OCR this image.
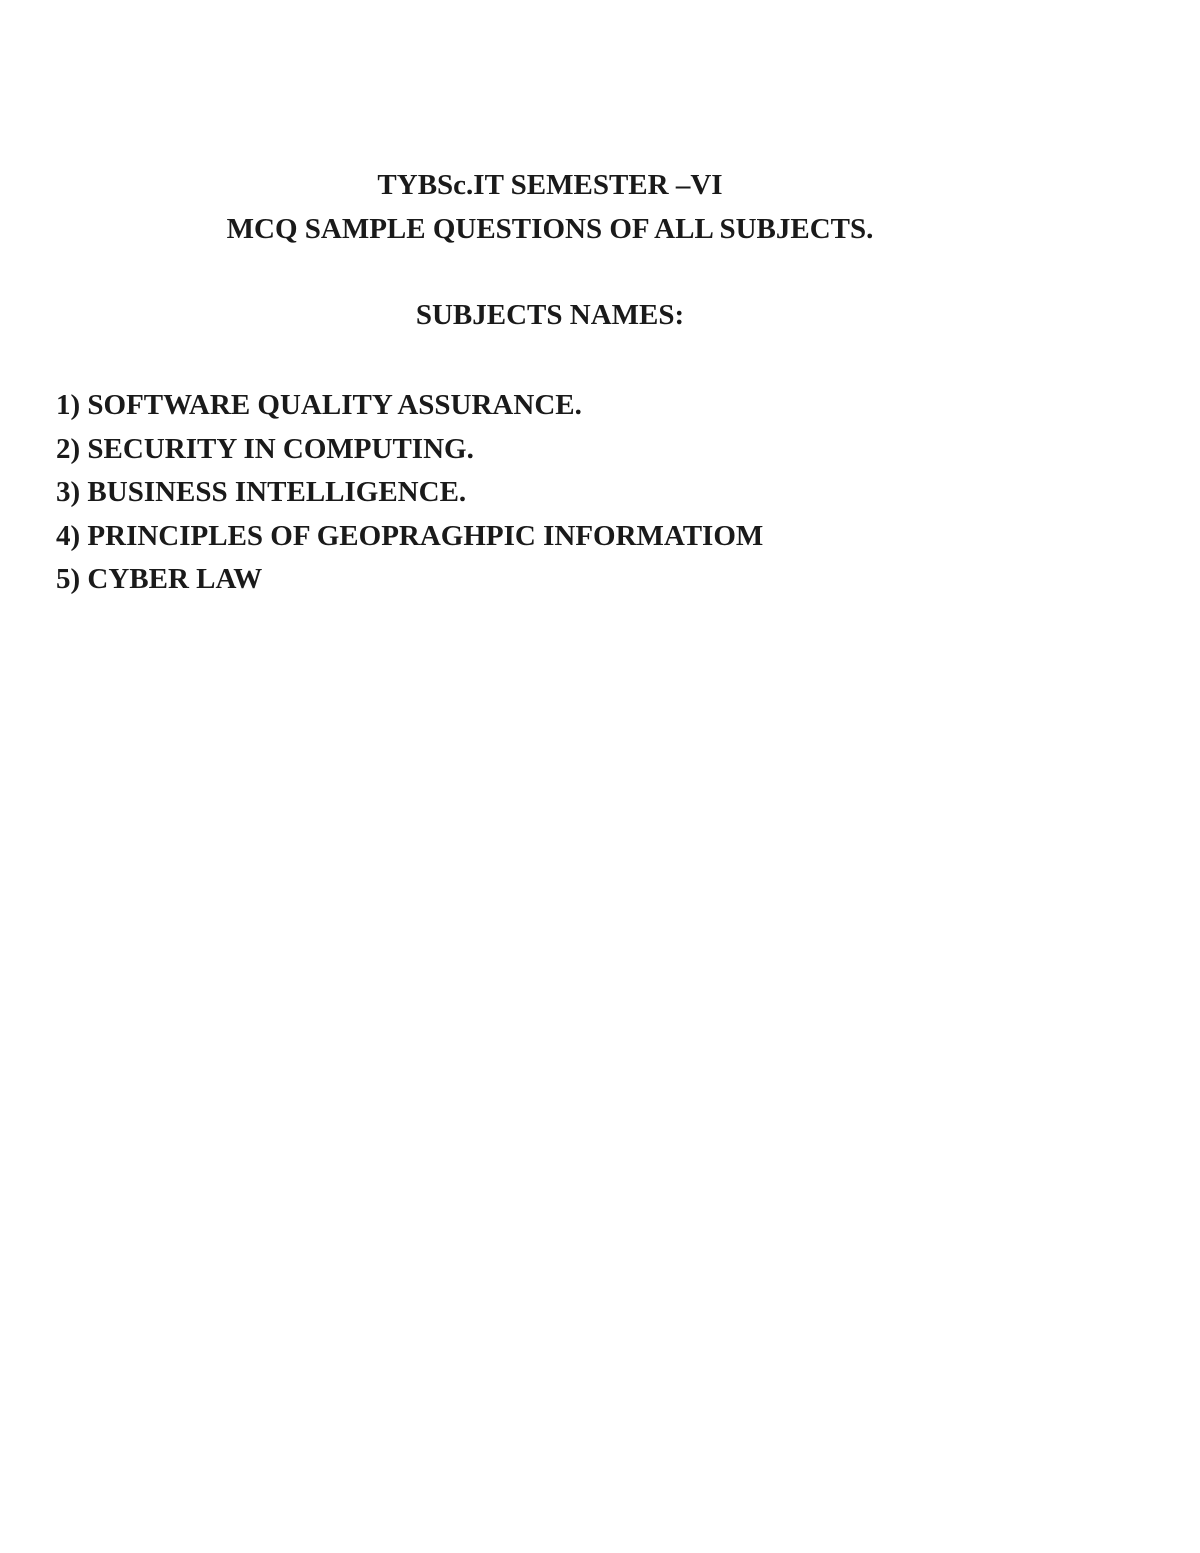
TYBSc.IT SEMESTER –VI

MCQ SAMPLE QUESTIONS OF ALL SUBJECTS.

SUBJECTS NAMES:

1) SOFTWARE QUALITY ASSURANCE.
2) SECURITY IN COMPUTING.
3) BUSINESS INTELLIGENCE.
4) PRINCIPLES OF GEOPRAGHPIC INFORMATIOM
5) CYBER LAW
